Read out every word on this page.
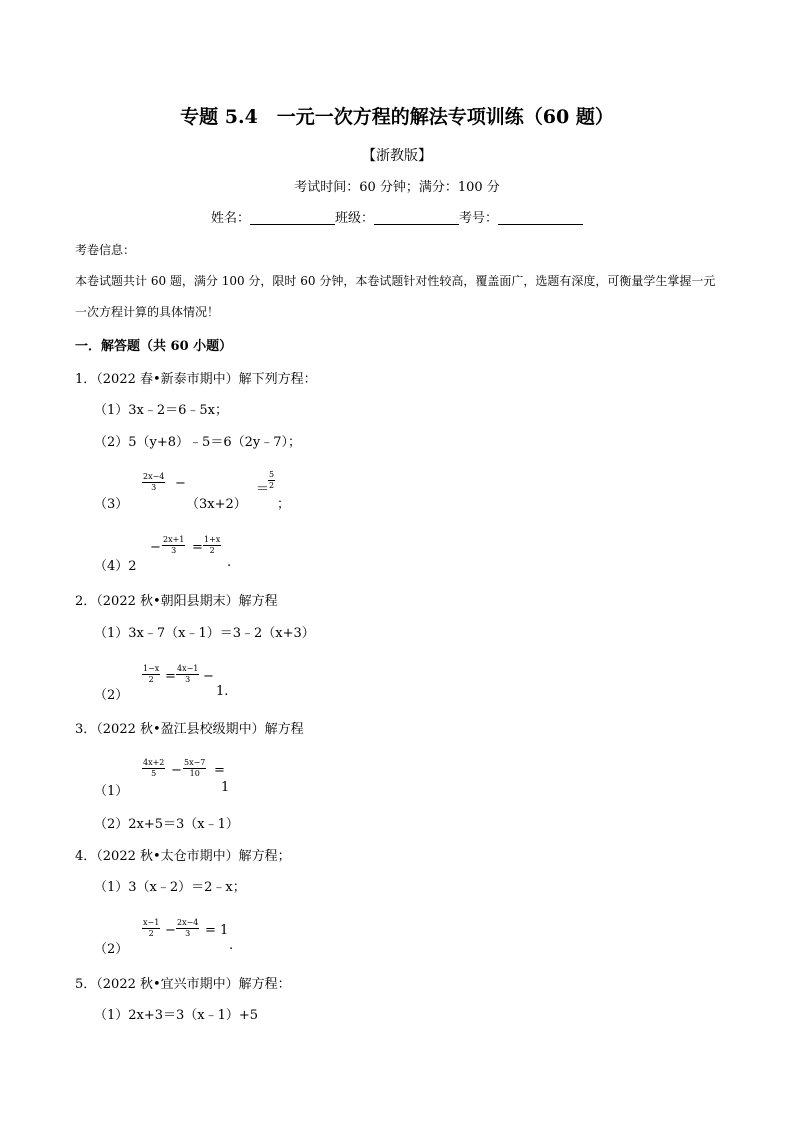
专题 5.4　一元一次方程的解法专项训练（60 题）
【浙教版】
考试时间：60 分钟；满分：100 分
姓名：	班级：	考号：
考卷信息：
本卷试题共计 60 题，满分 100 分，限时 60 分钟，本卷试题针对性较高，覆盖面广，选题有深度，可衡量学生掌握一元一次方程计算的具体情况！
一．解答题（共 60 小题）
1．（2022 春•新泰市期中）解下列方程：
（1）3x﹣2＝6﹣5x；
（2）5（y+8）﹣5＝6（2y﹣7）；
（3）
$\frac{2x-4}{3}$ −
（3x+2）
＝
$\frac{5}{2}$
；
（4）2
− $\frac{2x+1}{3} = \frac{1+x}{2}$
.
2．（2022 秋•朝阳县期末）解方程
（1）3x﹣7（x﹣1）＝3﹣2（x+3）
（2）
$\frac{1-x}{2} = \frac{4x-1}{3}$ −
1.
3．（2022 秋•盈江县校级期中）解方程
（1）
$\frac{4x+2}{5} - \frac{5x-7}{10}$ =
1
（2）2x+5＝3（x﹣1）
4．（2022 秋•太仓市期中）解方程；
（1）3（x﹣2）＝2﹣x；
（2）
$\frac{x-1}{2} - \frac{2x-4}{3} = 1$
.
5．（2022 秋•宜兴市期中）解方程：
（1）2x+3＝3（x﹣1）+5
